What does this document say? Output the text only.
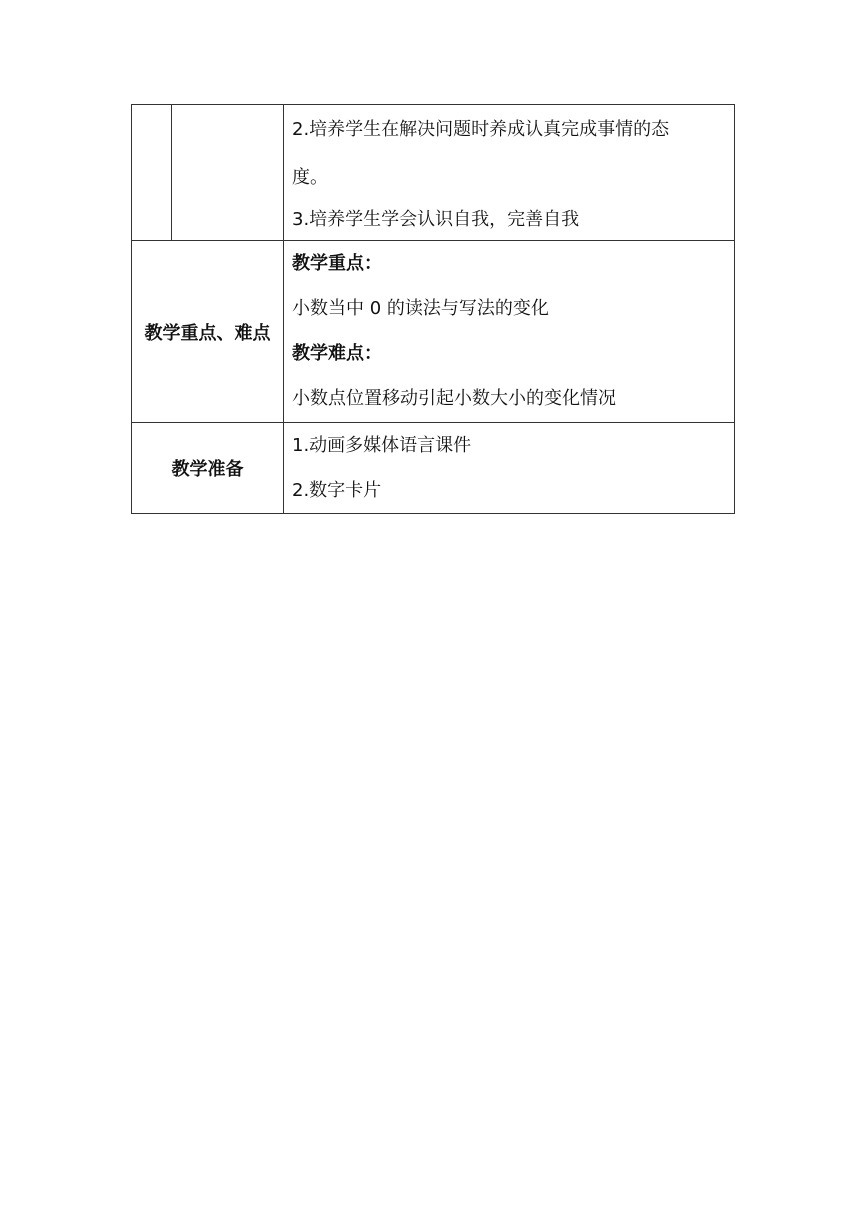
		2.培养学生在解决问题时养成认真完成事情的态
度。
3.培养学生学会认识自我，完善自我

教学重点、难点		教学重点：
小数当中 0 的读法与写法的变化
教学难点：
小数点位置移动引起小数大小的变化情况

教学准备		1.动画多媒体语言课件
2.数字卡片
